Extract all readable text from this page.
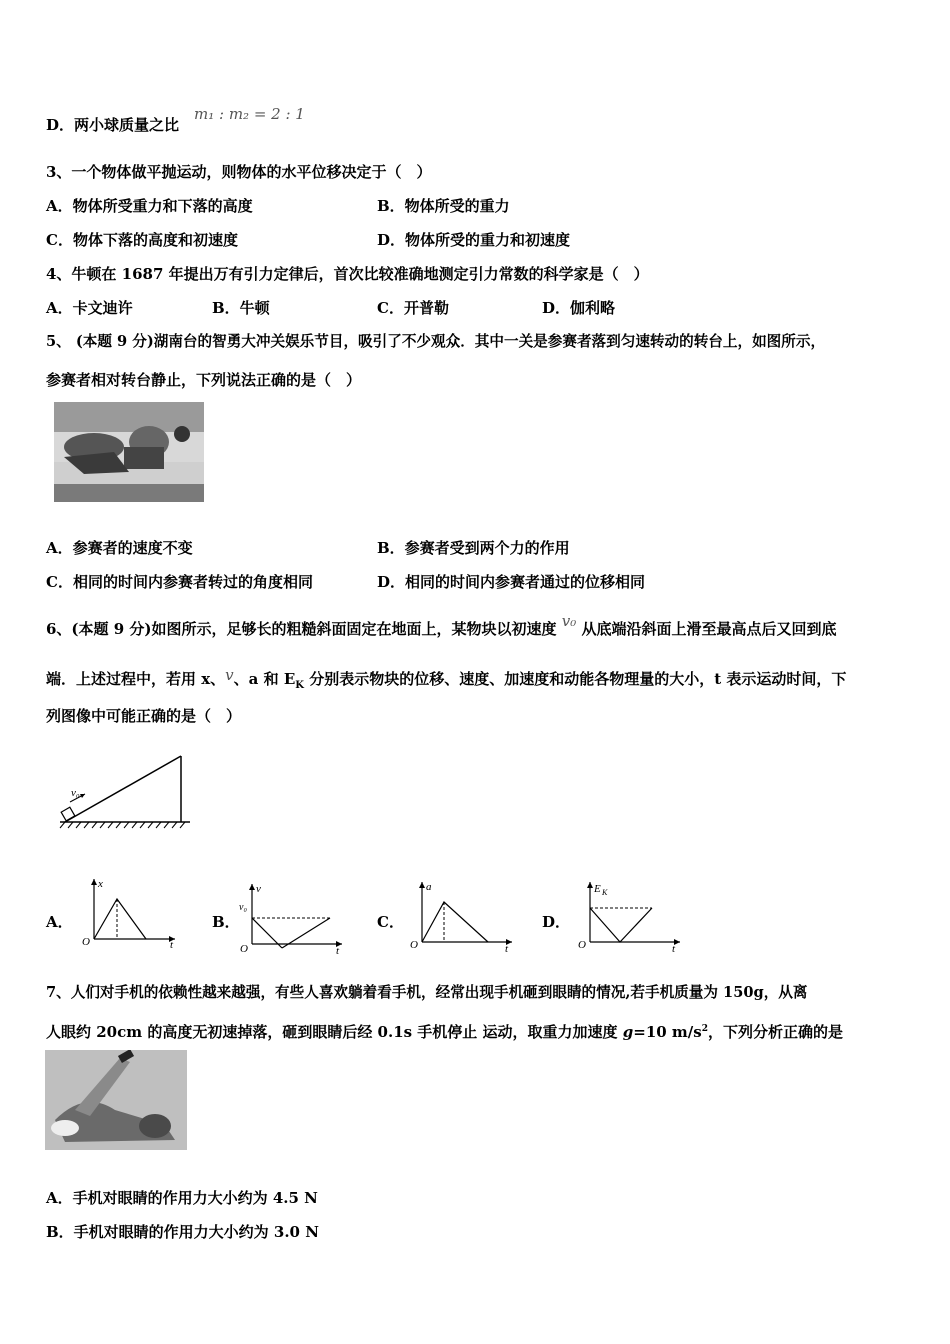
D．两小球质量之比
m₁ : m₂ = 2 : 1
3、一个物体做平抛运动，则物体的水平位移决定于（　）
A．物体所受重力和下落的高度	B．物体所受的重力
C．物体下落的高度和初速度	D．物体所受的重力和初速度
4、牛顿在 1687 年提出万有引力定律后，首次比较准确地测定引力常数的科学家是（　）
A．卡文迪许	B．牛顿	C．开普勒	D．伽利略
5、 (本题 9 分)湖南台的智勇大冲关娱乐节目，吸引了不少观众．其中一关是参赛者落到匀速转动的转台上，如图所示，
参赛者相对转台静止，下列说法正确的是（　）
A．参赛者的速度不变	B．参赛者受到两个力的作用
C．相同的时间内参赛者转过的角度相同	D．相同的时间内参赛者通过的位移相同
6、(本题 9 分)如图所示，足够长的粗糙斜面固定在地面上，某物块以初速度 v₀ 从底端沿斜面上滑至最高点后又回到底
端．上述过程中，若用 x、v、a 和 $E_K$ 分别表示物块的位移、速度、加速度和动能各物理量的大小，t 表示运动时间，下
列图像中可能正确的是（　）
v₀
A．
x
t
O
B．
v
v₀
t
O
C．
a
t
O
D．
E K
t
O
7、人们对手机的依赖性越来越强，有些人喜欢躺着看手机，经常出现手机砸到眼睛的情况,若手机质量为 150g，从离
人眼约 20cm 的高度无初速掉落，砸到眼睛后经 0.1s 手机停止 运动，取重力加速度 g=10 $m/s^2$，下列分析正确的是
A．手机对眼睛的作用力大小约为 4.5 N
B．手机对眼睛的作用力大小约为 3.0 N
